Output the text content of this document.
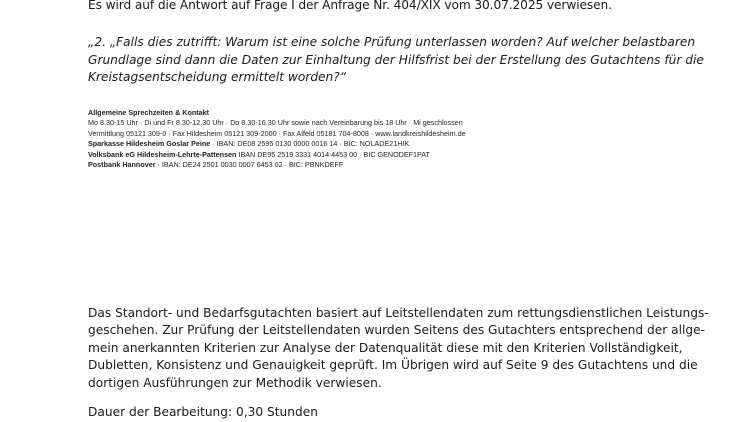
Es wird auf die Antwort auf Frage I der Anfrage Nr. 404/XIX vom 30.07.2025 verwiesen.
„2. „Falls dies zutrifft: Warum ist eine solche Prüfung unterlassen worden? Auf welcher belastbaren
Grundlage sind dann die Daten zur Einhaltung der Hilfsfrist bei der Erstellung des Gutachtens für die
Kreistagsentscheidung ermittelt worden?“
Allgemeine Sprechzeiten & Kontakt
Mo 8.30-15 Uhr · Di und Fr 8.30-12.30 Uhr · Do 8.30-16.30 Uhr sowie nach Vereinbarung bis 18 Uhr · Mi geschlossen
Vermittlung 05121 309-0 · Fax Hildesheim 05121 309-2000 · Fax Alfeld 05181 704-8008 · www.landkreishildesheim.de
Sparkasse Hildesheim Goslar Peine · IBAN: DE08 2595 0130 0000 0016 14 · BIC: NOLADE21HIK
Volksbank eG Hildesheim-Lehrte-Pattensen IBAN DE95 2519 3331 4014 4453 00 · BIC GENODEF1PAT
Postbank Hannover · IBAN: DE24 2501 0030 0007 6453 02 · BIC: PBNKDEFF
Das Standort- und Bedarfsgutachten basiert auf Leitstellendaten zum rettungsdienstlichen Leistungs-
geschehen. Zur Prüfung der Leitstellendaten wurden Seitens des Gutachters entsprechend der allge-
mein anerkannten Kriterien zur Analyse der Datenqualität diese mit den Kriterien Vollständigkeit,
Dubletten, Konsistenz und Genauigkeit geprüft. Im Übrigen wird auf Seite 9 des Gutachtens und die
dortigen Ausführungen zur Methodik verwiesen.
Dauer der Bearbeitung: 0,30 Stunden
